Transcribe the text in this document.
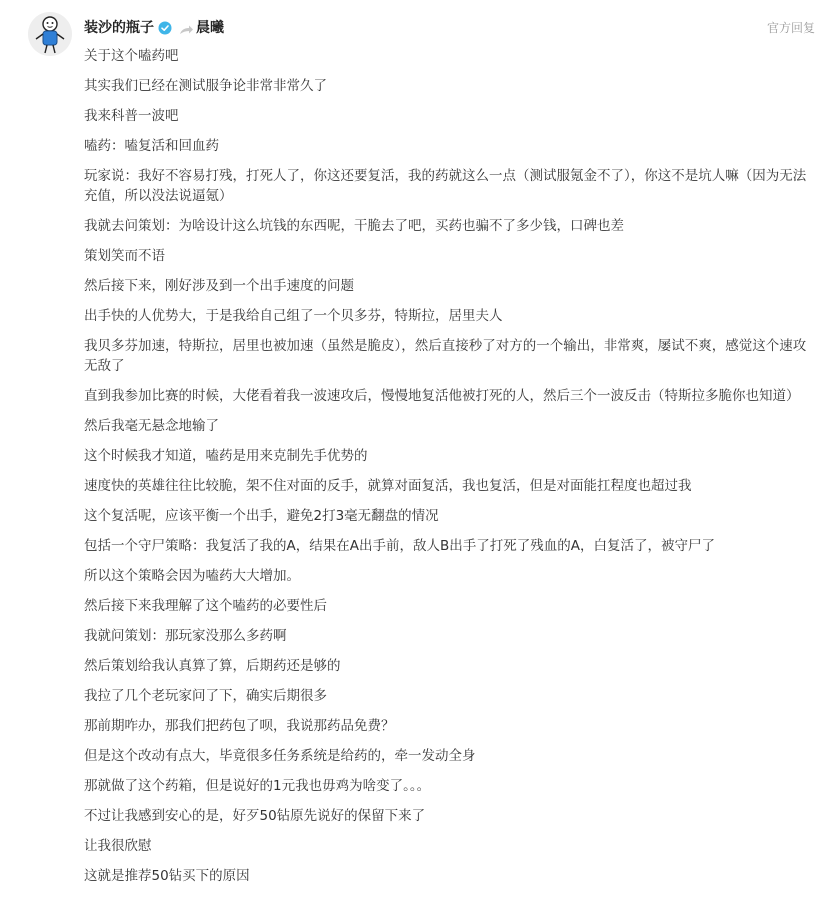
装沙的瓶子	晨曦	官方回复

关于这个嗑药吧

其实我们已经在测试服争论非常非常久了

我来科普一波吧

嗑药：嗑复活和回血药

玩家说：我好不容易打残，打死人了，你这还要复活，我的药就这么一点（测试服氪金不了），你这不是坑人嘛（因为无法充值，所以没法说逼氪）

我就去问策划：为啥设计这么坑钱的东西呢，干脆去了吧，买药也骗不了多少钱，口碑也差

策划笑而不语

然后接下来，刚好涉及到一个出手速度的问题

出手快的人优势大，于是我给自己组了一个贝多芬，特斯拉，居里夫人

我贝多芬加速，特斯拉，居里也被加速（虽然是脆皮），然后直接秒了对方的一个输出，非常爽，屡试不爽，感觉这个速攻无敌了

直到我参加比赛的时候，大佬看着我一波速攻后，慢慢地复活他被打死的人，然后三个一波反击（特斯拉多脆你也知道）

然后我毫无悬念地输了

这个时候我才知道，嗑药是用来克制先手优势的

速度快的英雄往往比较脆，架不住对面的反手，就算对面复活，我也复活，但是对面能扛程度也超过我

这个复活呢，应该平衡一个出手，避免2打3毫无翻盘的情况

包括一个守尸策略：我复活了我的A，结果在A出手前，敌人B出手了打死了残血的A，白复活了，被守尸了

所以这个策略会因为嗑药大大增加。

然后接下来我理解了这个嗑药的必要性后

我就问策划：那玩家没那么多药啊

然后策划给我认真算了算，后期药还是够的

我拉了几个老玩家问了下，确实后期很多

那前期咋办，那我们把药包了呗，我说那药品免费？

但是这个改动有点大，毕竟很多任务系统是给药的，牵一发动全身

那就做了这个药箱，但是说好的1元我也毋鸡为啥变了。。。

不过让我感到安心的是，好歹50钻原先说好的保留下来了

让我很欣慰

这就是推荐50钻买下的原因
